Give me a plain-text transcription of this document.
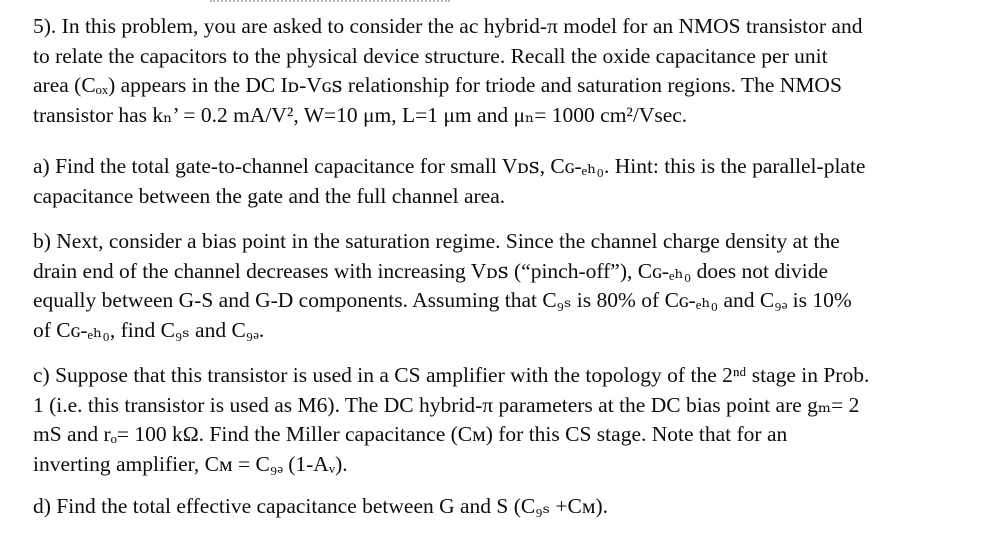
5). In this problem, you are asked to consider the ac hybrid-π model for an NMOS transistor and
to relate the capacitors to the physical device structure. Recall the oxide capacitance per unit
area (Cₒₓ) appears in the DC Iᴅ-Vɢꜱ relationship for triode and saturation regions. The NMOS
transistor has kₙ’ = 0.2 mA/V², W=10 μm, L=1 μm and μₙ= 1000 cm²/Vsec.

a) Find the total gate-to-channel capacitance for small Vᴅꜱ, Cɢ-ₑₕ₀. Hint: this is the parallel-plate
capacitance between the gate and the full channel area.

b) Next, consider a bias point in the saturation regime. Since the channel charge density at the
drain end of the channel decreases with increasing Vᴅꜱ (“pinch-off”), Cɢ-ₑₕ₀ does not divide
equally between G-S and G-D components. Assuming that C₉ₛ is 80% of Cɢ-ₑₕ₀ and C₉ₔ is 10%
of Cɢ-ₑₕ₀, find C₉ₛ and C₉ₔ.

c) Suppose that this transistor is used in a CS amplifier with the topology of the 2ⁿᵈ stage in Prob.
1 (i.e. this transistor is used as M6). The DC hybrid-π parameters at the DC bias point are gₘ= 2
mS and rₒ= 100 kΩ. Find the Miller capacitance (Cᴍ) for this CS stage. Note that for an
inverting amplifier, Cᴍ = C₉ₔ (1-Aᵥ).

d) Find the total effective capacitance between G and S (C₉ₛ +Cᴍ).
